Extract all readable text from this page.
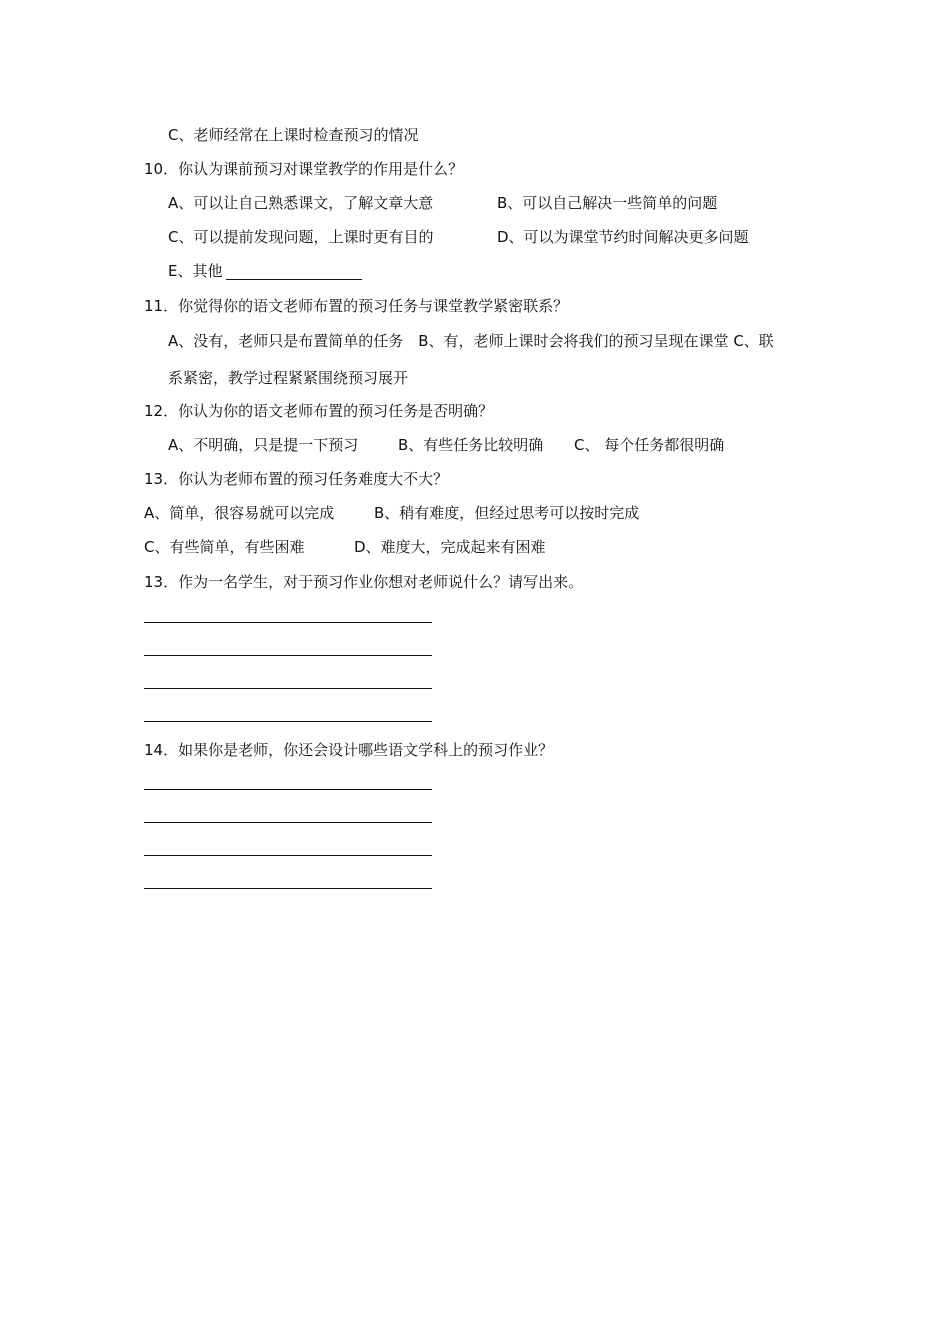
C、老师经常在上课时检查预习的情况
10．你认为课前预习对课堂教学的作用是什么？
A、可以让自己熟悉课文，了解文章大意	B、可以自己解决一些简单的问题
C、可以提前发现问题，上课时更有目的	D、可以为课堂节约时间解决更多问题
E、其他
11．你觉得你的语文老师布置的预习任务与课堂教学紧密联系？
A、没有，老师只是布置简单的任务　B、有，老师上课时会将我们的预习呈现在课堂 C、联
系紧密，教学过程紧紧围绕预习展开
12．你认为你的语文老师布置的预习任务是否明确？
A、不明确，只是提一下预习	B、有些任务比较明确 C、 每个任务都很明确
13．你认为老师布置的预习任务难度大不大？
A、简单，很容易就可以完成	B、稍有难度，但经过思考可以按时完成
C、有些简单，有些困难	D、难度大，完成起来有困难
13．作为一名学生，对于预习作业你想对老师说什么？请写出来。
14．如果你是老师，你还会设计哪些语文学科上的预习作业？
